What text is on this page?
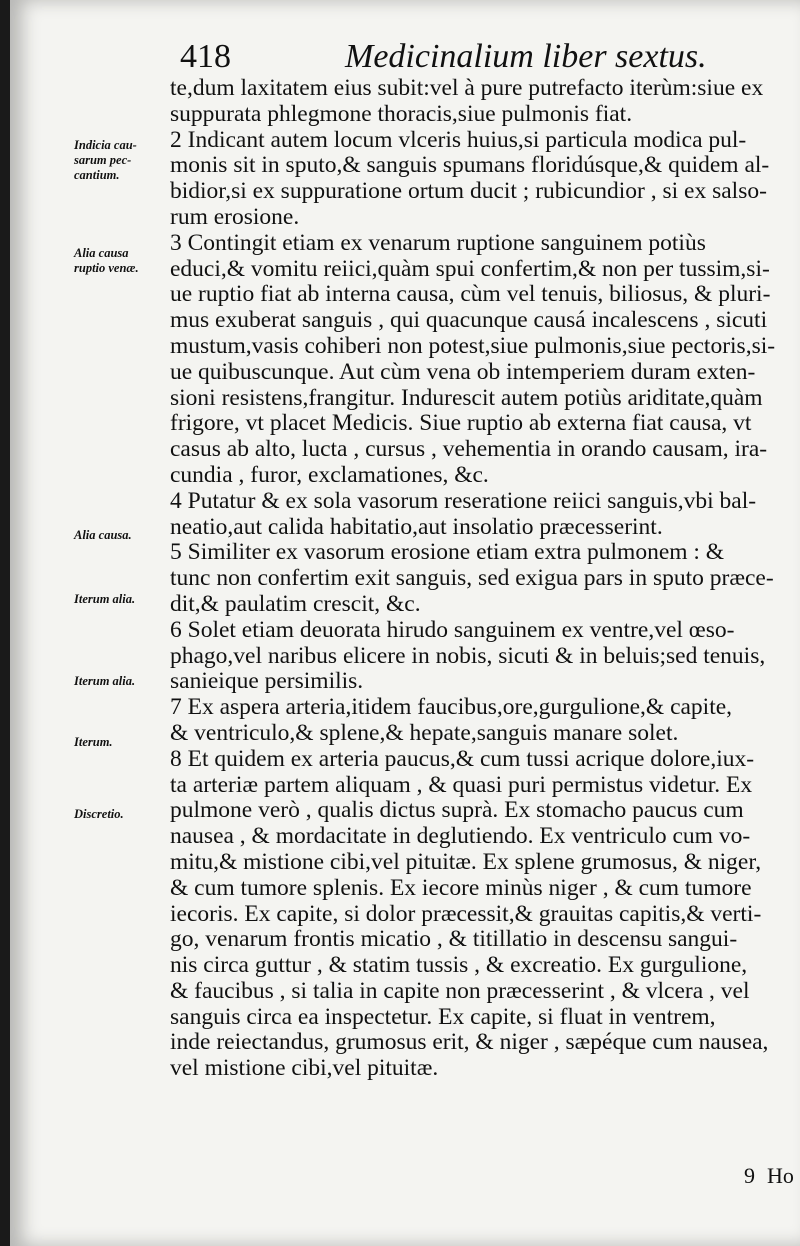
418	Medicinalium liber sextus.
Indicia cau-
sarum pec-
cantium.
Alia causa
ruptio venæ.
Alia causa.
Iterum alia.
Iterum alia.
Iterum.
Discretio.
te,dum laxitatem eius subit:vel à pure putrefacto iterùm:siue ex
suppurata phlegmone thoracis,siue pulmonis fiat.
2 Indicant autem locum vlceris huius,si particula modica pul-
monis sit in sputo,& sanguis spumans floridúsque,& quidem al-
bidior,si ex suppuratione ortum ducit ; rubicundior , si ex salso-
rum erosione.
3 Contingit etiam ex venarum ruptione sanguinem potiùs
educi,& vomitu reiici,quàm spui confertim,& non per tussim,si-
ue ruptio fiat ab interna causa, cùm vel tenuis, biliosus, & pluri-
mus exuberat sanguis , qui quacunque causá incalescens , sicuti
mustum,vasis cohiberi non potest,siue pulmonis,siue pectoris,si-
ue quibuscunque. Aut cùm vena ob intemperiem duram exten-
sioni resistens,frangitur. Indurescit autem potiùs ariditate,quàm
frigore, vt placet Medicis. Siue ruptio ab externa fiat causa, vt
casus ab alto, lucta , cursus , vehementia in orando causam, ira-
cundia , furor, exclamationes, &c.
4 Putatur & ex sola vasorum reseratione reiici sanguis,vbi bal-
neatio,aut calida habitatio,aut insolatio præcesserint.
5 Similiter ex vasorum erosione etiam extra pulmonem : &
tunc non confertim exit sanguis, sed exigua pars in sputo præce-
dit,& paulatim crescit, &c.
6 Solet etiam deuorata hirudo sanguinem ex ventre,vel œso-
phago,vel naribus elicere in nobis, sicuti & in beluis;sed tenuis,
sanieique persimilis.
7 Ex aspera arteria,itidem faucibus,ore,gurgulione,& capite,
& ventriculo,& splene,& hepate,sanguis manare solet.
8 Et quidem ex arteria paucus,& cum tussi acrique dolore,iux-
ta arteriæ partem aliquam , & quasi puri permistus videtur. Ex
pulmone verò , qualis dictus suprà. Ex stomacho paucus cum
nausea , & mordacitate in deglutiendo. Ex ventriculo cum vo-
mitu,& mistione cibi,vel pituitæ. Ex splene grumosus, & niger,
& cum tumore splenis. Ex iecore minùs niger , & cum tumore
iecoris. Ex capite, si dolor præcessit,& grauitas capitis,& verti-
go, venarum frontis micatio , & titillatio in descensu sangui-
nis circa guttur , & statim tussis , & excreatio. Ex gurgulione,
& faucibus , si talia in capite non præcesserint , & vlcera , vel
sanguis circa ea inspectetur. Ex capite, si fluat in ventrem,
inde reiectandus, grumosus erit, & niger , sæpéque cum nausea,
vel mistione cibi,vel pituitæ.
9 Ho
